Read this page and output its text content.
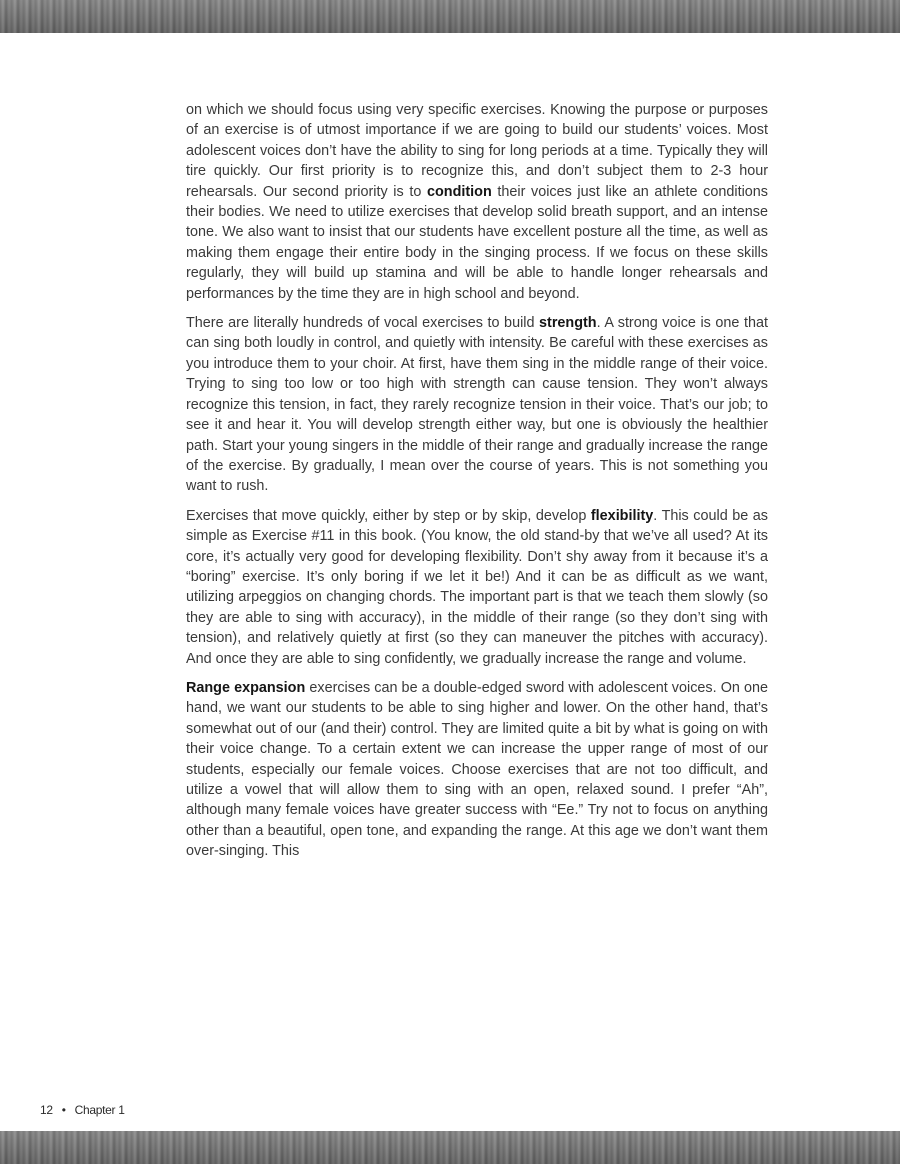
on which we should focus using very specific exercises. Knowing the purpose or purposes of an exercise is of utmost importance if we are going to build our students’ voices. Most adolescent voices don’t have the ability to sing for long periods at a time. Typically they will tire quickly. Our first priority is to recognize this, and don’t subject them to 2-3 hour rehearsals. Our second priority is to condition their voices just like an athlete conditions their bodies. We need to utilize exercises that develop solid breath support, and an intense tone. We also want to insist that our students have excellent posture all the time, as well as making them engage their entire body in the singing process. If we focus on these skills regularly, they will build up stamina and will be able to handle longer rehearsals and performances by the time they are in high school and beyond.

There are literally hundreds of vocal exercises to build strength. A strong voice is one that can sing both loudly in control, and quietly with intensity. Be careful with these exercises as you introduce them to your choir. At first, have them sing in the middle range of their voice. Trying to sing too low or too high with strength can cause tension. They won’t always recognize this tension, in fact, they rarely recognize tension in their voice. That’s our job; to see it and hear it. You will develop strength either way, but one is obviously the healthier path. Start your young singers in the middle of their range and gradually increase the range of the exercise. By gradually, I mean over the course of years. This is not something you want to rush.

Exercises that move quickly, either by step or by skip, develop flexibility. This could be as simple as Exercise #11 in this book. (You know, the old stand-by that we’ve all used? At its core, it’s actually very good for developing flexibility. Don’t shy away from it because it’s a “boring” exercise. It’s only boring if we let it be!) And it can be as difficult as we want, utilizing arpeggios on changing chords. The important part is that we teach them slowly (so they are able to sing with accuracy), in the middle of their range (so they don’t sing with tension), and relatively quietly at first (so they can maneuver the pitches with accuracy). And once they are able to sing confidently, we gradually increase the range and volume.

Range expansion exercises can be a double-edged sword with adolescent voices. On one hand, we want our students to be able to sing higher and lower. On the other hand, that’s somewhat out of our (and their) control. They are limited quite a bit by what is going on with their voice change. To a certain extent we can increase the upper range of most of our students, especially our female voices. Choose exercises that are not too difficult, and utilize a vowel that will allow them to sing with an open, relaxed sound. I prefer “Ah”, although many female voices have greater success with “Ee.” Try not to focus on anything other than a beautiful, open tone, and expanding the range. At this age we don’t want them over-singing. This

12 • Chapter 1
